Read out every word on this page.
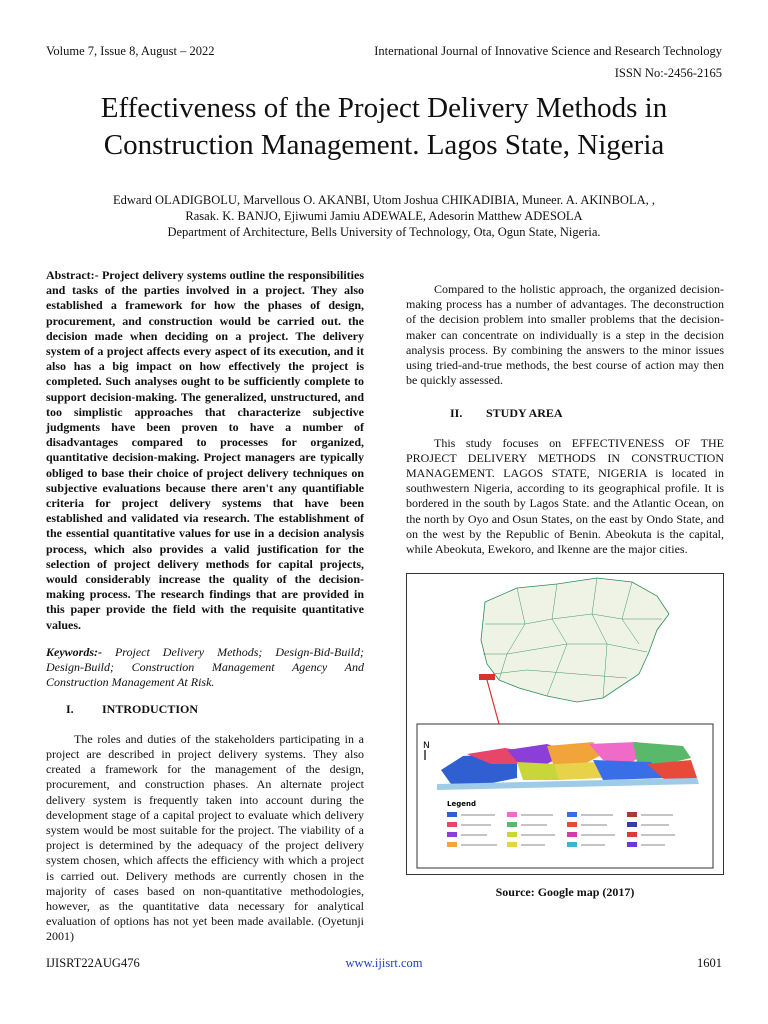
Volume 7, Issue 8, August – 2022	International Journal of Innovative Science and Research Technology
ISSN No:-2456-2165
Effectiveness of the Project Delivery Methods in Construction Management. Lagos State, Nigeria
Edward OLADIGBOLU, Marvellous O. AKANBI, Utom Joshua CHIKADIBIA, Muneer. A. AKINBOLA, ,
Rasak. K. BANJO, Ejiwumi Jamiu ADEWALE, Adesorin Matthew ADESOLA
Department of Architecture, Bells University of Technology, Ota, Ogun State, Nigeria.

Abstract:- Project delivery systems outline the responsibilities and tasks of the parties involved in a project. They also established a framework for how the phases of design, procurement, and construction would be carried out. the decision made when deciding on a project. The delivery system of a project affects every aspect of its execution, and it also has a big impact on how effectively the project is completed. Such analyses ought to be sufficiently complete to support decision-making. The generalized, unstructured, and too simplistic approaches that characterize subjective judgments have been proven to have a number of disadvantages compared to processes for organized, quantitative decision-making. Project managers are typically obliged to base their choice of project delivery techniques on subjective evaluations because there aren't any quantifiable criteria for project delivery systems that have been established and validated via research. The establishment of the essential quantitative values for use in a decision analysis process, which also provides a valid justification for the selection of project delivery methods for capital projects, would considerably increase the quality of the decision-making process. The research findings that are provided in this paper provide the field with the requisite quantitative values.

Keywords:- Project Delivery Methods; Design-Bid-Build; Design-Build; Construction Management Agency And Construction Management At Risk.

I.	INTRODUCTION

The roles and duties of the stakeholders participating in a project are described in project delivery systems. They also created a framework for the management of the design, procurement, and construction phases. An alternate project delivery system is frequently taken into account during the development stage of a capital project to evaluate which delivery system would be most suitable for the project. The viability of a project is determined by the adequacy of the project delivery system chosen, which affects the efficiency with which a project is carried out. Delivery methods are currently chosen in the majority of cases based on non-quantitative methodologies, however, as the quantitative data necessary for analytical evaluation of options has not yet been made available. (Oyetunji 2001)

Compared to the holistic approach, the organized decision-making process has a number of advantages. The deconstruction of the decision problem into smaller problems that the decision-maker can concentrate on individually is a step in the decision analysis process. By combining the answers to the minor issues using tried-and-true methods, the best course of action may then be quickly assessed.

II.	STUDY AREA

This study focuses on EFFECTIVENESS OF THE PROJECT DELIVERY METHODS IN CONSTRUCTION MANAGEMENT. LAGOS STATE, NIGERIA is located in southwestern Nigeria, according to its geographical profile. It is bordered in the south by Lagos State. and the Atlantic Ocean, on the north by Oyo and Osun States, on the east by Ondo State, and on the west by the Republic of Benin. Abeokuta is the capital, while Abeokuta, Ewekoro, and Ikenne are the major cities.

N
Legend
Source: Google map (2017)
IJISRT22AUG476	www.ijisrt.com	1601
